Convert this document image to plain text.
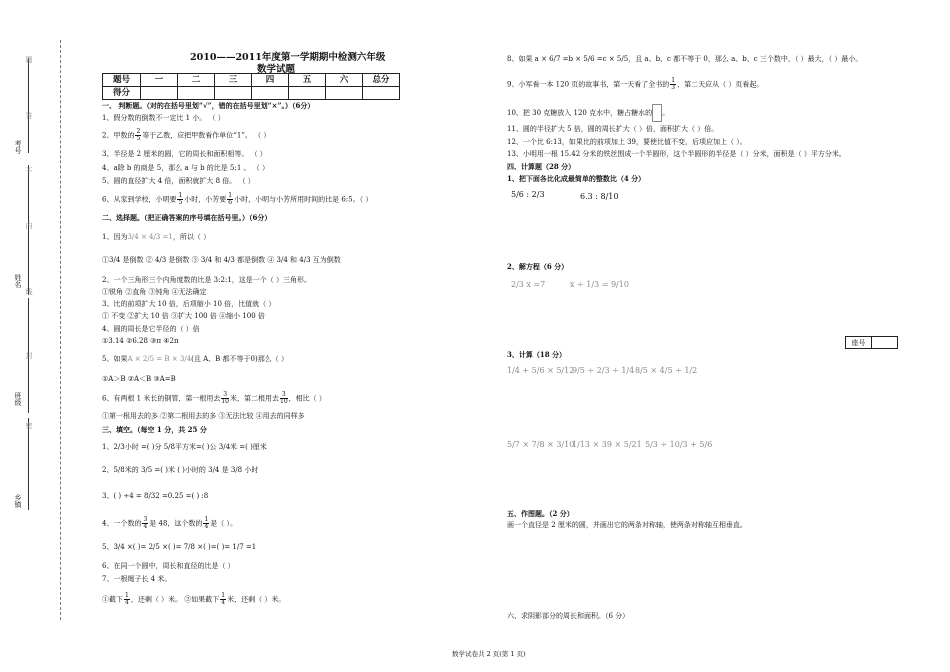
考号
姓名
班级
乡镇
题
答
不
内
线
封
密
2010——2011年度第一学期期中检测六年级
数学试题
题号	一	二	三	四	五	六	总分
得分							
一、 判断题。（对的在括号里划“√”，错的在括号里划“×”。）（6分）
1、假分数的倒数不一定比 1 小。 （ ）
2、甲数的 $\frac{2}{5}$ 等于乙数，应把甲数看作单位“1”。 （ ）
3、半径是 2 厘米的圆，它的周长和面积相等。 （ ）
4、a除 b 的商是 5，那么 a 与 b 的比是 5:1 。 （ ）
5、圆的直径扩大 4 倍，面积就扩大 8 倍。 （ ）
6、从家到学校，小明要 $\frac{1}{5}$ 小时，小芳要 $\frac{1}{6}$ 小时，小明与小芳所用时间的比是 6:5。（ ）
二、选择题。（把正确答案的序号填在括号里。）（6分）
1、因为3/4 × 4/3 =1，所以（ ）
①3/4 是倒数 ② 4/3 是倒数 ③ 3/4 和 4/3 都是倒数 ④ 3/4 和 4/3 互为倒数
2、一个三角形三个内角度数的比是 3:2:1，这是一个（ ）三角形。
①锐角 ②直角 ③钝角 ④无法确定
3、比的前项扩大 10 倍，后项缩小 10 倍，比值就（ ）
① 不变 ②扩大 10 倍 ③扩大 100 倍 ④缩小 100 倍
4、圆的周长是它半径的（ ）倍
①3.14 ②6.28 ③π ④2π
5、如果A × 2/5 = B × 3/4(且 A、B 都不等于0)那么（ ）
①A＞B ②A＜B ③A=B
6、有两根 1 米长的钢管，第一根用去 $\frac{3}{10}$ 米，第二根用去 $\frac{3}{10}$ ，相比（ ）
①第一根用去的多 ②第二根用去的多 ③无法比较 ④用去的同样多
三、填空。（每空 1 分，共 25 分
1、2/3小时 =( )分 5/8平方米=( )公 3/4米 =( )厘米
2、5/8米的 3/5 =( )米 ( )小时的 3/4 是 3/8 小时
3、( ) ÷4 = 8/32 =0.25 =( ) :8
4、一个数的 $\frac{3}{4}$ 是 48，这个数的 $\frac{1}{4}$ 是（ ）。
5、3/4 ×( )= 2/5 ×( )= 7/8 ×( )=( )= 1/7 =1
6、在同一个圆中，周长和直径的比是（ ）
7、一根绳子长 4 米。
①截下 $\frac{1}{4}$ ，还剩（ ）米。 ②如果截下 $\frac{1}{4}$ 米，还剩（ ）米。
8、如果 a × 6/7 =b × 5/6 =c × 5/5，且 a、b、c 都不等于 0，那么 a、b、c 三个数中，（ ）最大，（ ）最小。
9、小军看一本 120 页的故事书，第一天看了全书的 $\frac{1}{3}$ ，第二天应从（ ）页看起。
10、把 30 克糖放入 120 克水中，糖占糖水的 。
11、圆的半径扩大 5 倍，圆的周长扩大（ ）倍，面积扩大（ ）倍。
12、一个比 6:13，如果比的前项加上 39，要使比值不变，后项应加上（ ）。
13、小明用一根 15.42 分米的铁丝围成一个半圆形，这个半圆形的半径是（ ）分米，面积是（ ）平方分米。
四、计算题（28 分）
1、把下面各比化成最简单的整数比（4 分）
5/6 : 2/3	6.3 : 8/10
2、解方程（6 分）
2/3 x =7	x ÷ 1/3 = 9/10
座号	
3、计算（18 分）
1/4 + 5/6 × 5/12
9/5 ÷ 2/3 ÷ 1/4 8/5 × 4/5 ÷ 1/2
5/7 × 7/8 × 3/10
1/13 × 39 × 5/21 5/3 ÷ 10/3 + 5/6
五、作图题。（2 分）
画一个直径是 2 厘米的圆，并画出它的两条对称轴，使两条对称轴互相垂直。
六、求阴影部分的周长和面积。（6 分）
数学试卷共 2 页(第 1 页)
